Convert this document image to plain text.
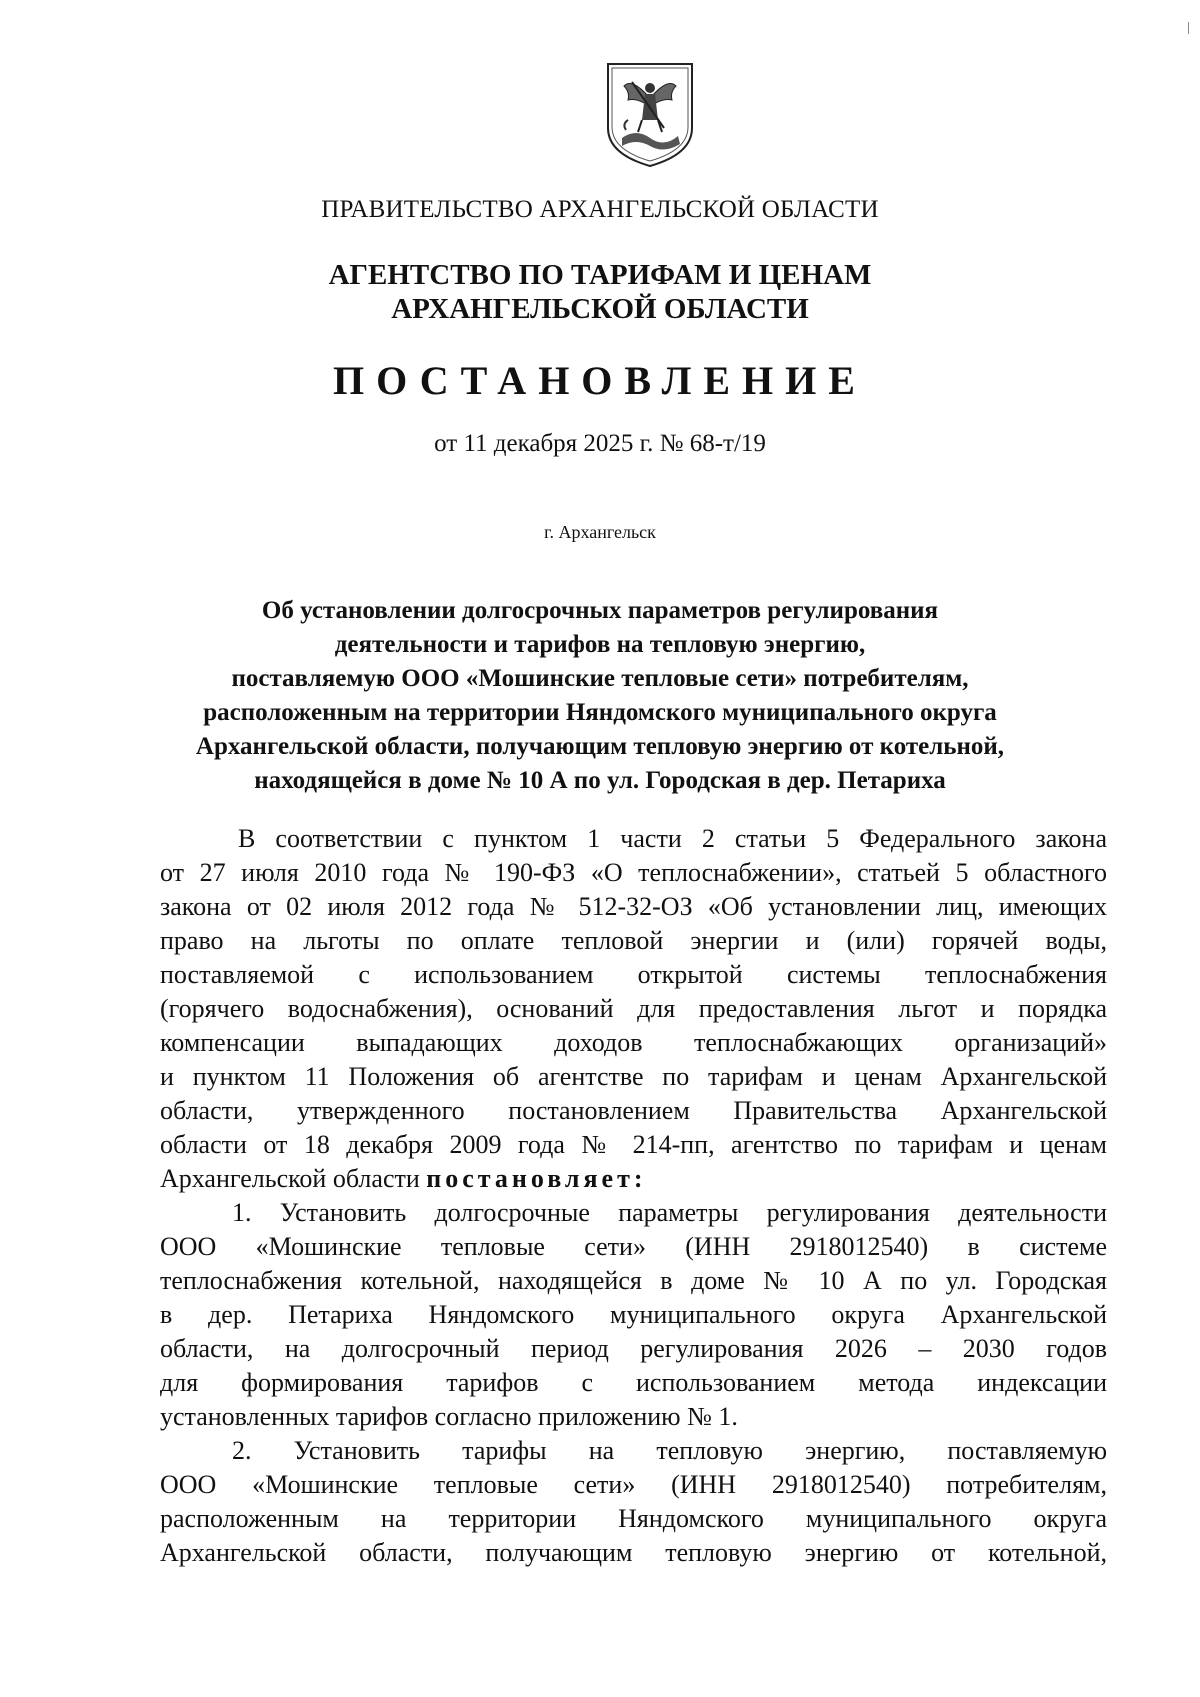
ПРАВИТЕЛЬСТВО АРХАНГЕЛЬСКОЙ ОБЛАСТИ
АГЕНТСТВО ПО ТАРИФАМ И ЦЕНАМ
АРХАНГЕЛЬСКОЙ ОБЛАСТИ
ПОСТАНОВЛЕНИЕ
от 11 декабря 2025 г. № 68-т/19
г. Архангельск
Об установлении долгосрочных параметров регулирования
деятельности и тарифов на тепловую энергию,
поставляемую ООО «Мошинские тепловые сети» потребителям,
расположенным на территории Няндомского муниципального округа
Архангельской области, получающим тепловую энергию от котельной,
находящейся в доме № 10 А по ул. Городская в дер. Петариха
В соответствии с пунктом 1 части 2 статьи 5 Федерального закона
от 27 июля 2010 года № 190-ФЗ «О теплоснабжении», статьей 5 областного
закона от 02 июля 2012 года № 512-32-ОЗ «Об установлении лиц, имеющих
право на льготы по оплате тепловой энергии и (или) горячей воды,
поставляемой с использованием открытой системы теплоснабжения
(горячего водоснабжения), оснований для предоставления льгот и порядка
компенсации выпадающих доходов теплоснабжающих организаций»
и пунктом 11 Положения об агентстве по тарифам и ценам Архангельской
области, утвержденного постановлением Правительства Архангельской
области от 18 декабря 2009 года № 214-пп, агентство по тарифам и ценам
Архангельской области постановляет:
1. Установить долгосрочные параметры регулирования деятельности
ООО «Мошинские тепловые сети» (ИНН 2918012540) в системе
теплоснабжения котельной, находящейся в доме № 10 А по ул. Городская
в дер. Петариха Няндомского муниципального округа Архангельской
области, на долгосрочный период регулирования 2026 – 2030 годов
для формирования тарифов с использованием метода индексации
установленных тарифов согласно приложению № 1.
2. Установить тарифы на тепловую энергию, поставляемую
ООО «Мошинские тепловые сети» (ИНН 2918012540) потребителям,
расположенным на территории Няндомского муниципального округа
Архангельской области, получающим тепловую энергию от котельной,
